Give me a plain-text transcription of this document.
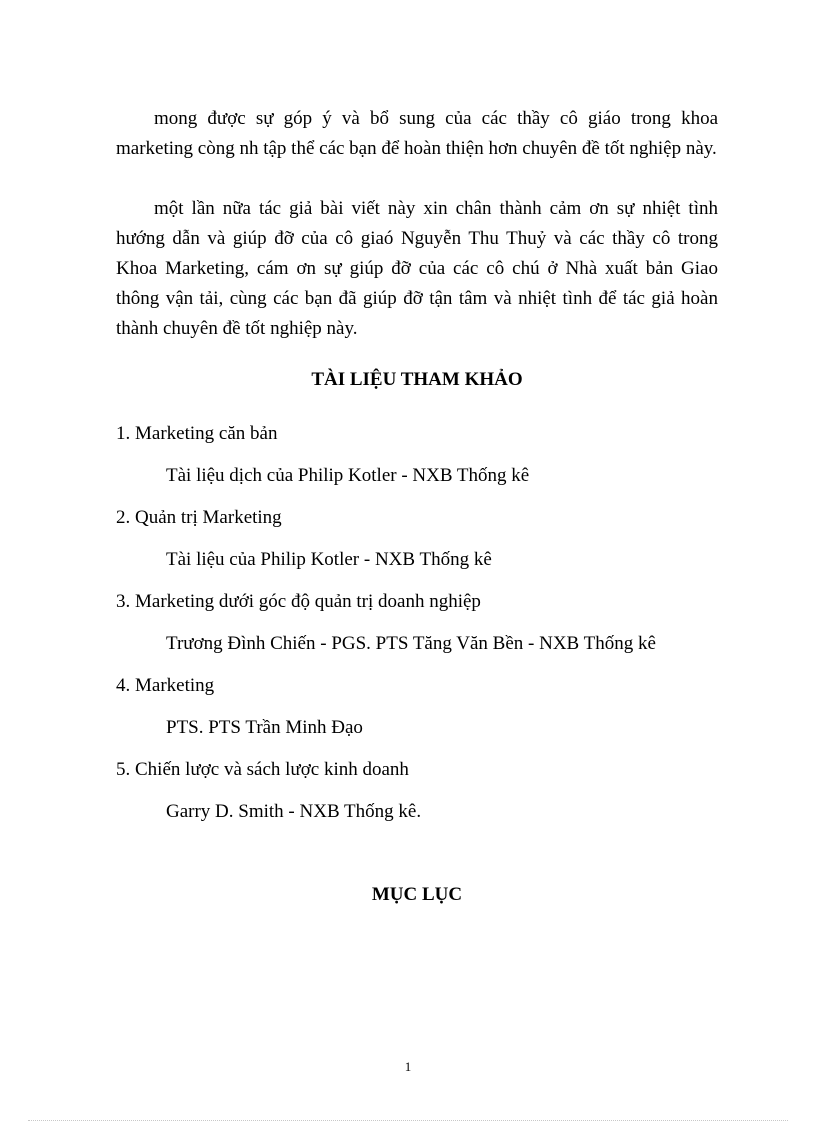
mong được sự góp ý và bổ sung của các thầy cô giáo trong khoa marketing còng nh tập thể các bạn để hoàn thiện hơn chuyên đề tốt nghiệp này.

một lần nữa tác giả bài viết này xin chân thành cảm ơn sự nhiệt tình hướng dẫn và giúp đỡ của cô giaó Nguyễn Thu Thuỷ và các thầy cô trong Khoa Marketing, cám ơn sự giúp đỡ của các cô chú ở Nhà xuất bản Giao thông vận tải, cùng các bạn đã giúp đỡ tận tâm và nhiệt tình để tác giả hoàn thành chuyên đề tốt nghiệp này.

TÀI LIỆU THAM KHẢO

1. Marketing căn bản

Tài liệu dịch của Philip Kotler - NXB Thống kê

2. Quản trị Marketing

Tài liệu của Philip Kotler - NXB Thống kê

3. Marketing dưới góc độ quản trị doanh nghiệp

Trương Đình Chiến - PGS. PTS Tăng Văn Bền - NXB Thống kê

4. Marketing

PTS. PTS Trần Minh Đạo

5. Chiến lược và sách lược kinh doanh

Garry D. Smith - NXB Thống kê.

MỤC LỤC
1
